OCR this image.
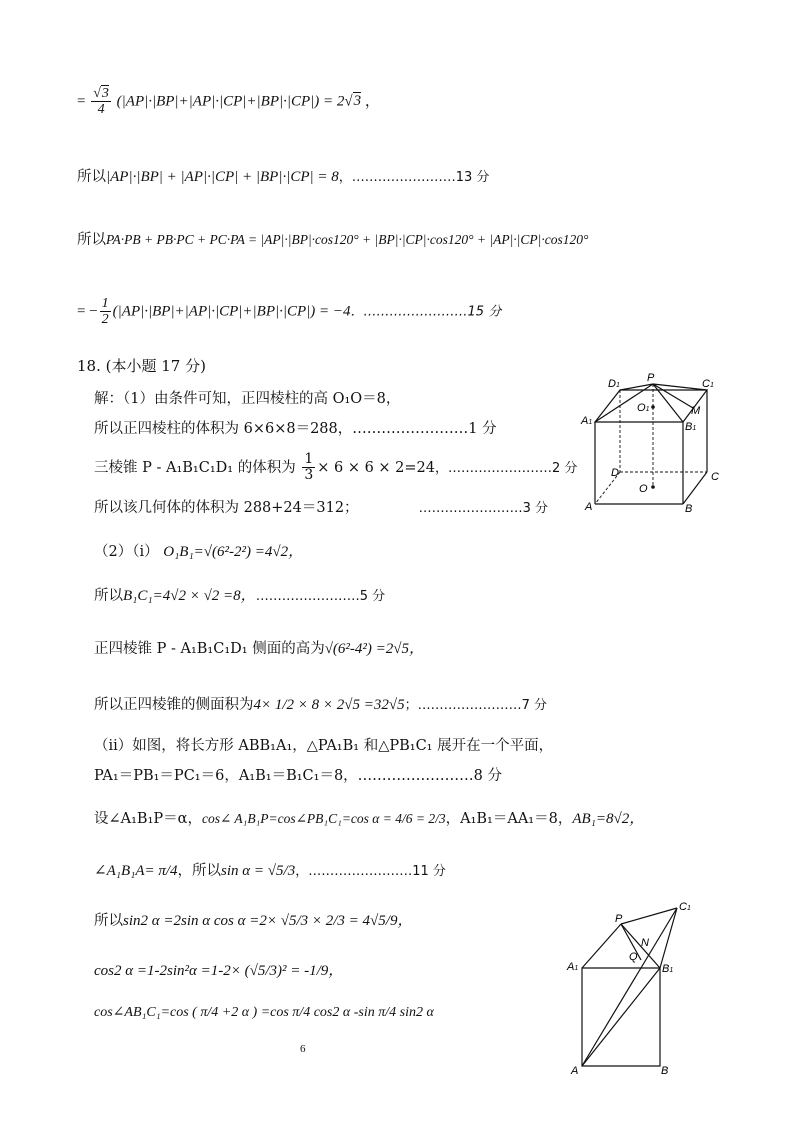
= $\frac{√3}{4} (|AP|\cdot|BP|+|AP|\cdot|CP|+|BP|\cdot|CP|) = 2√3$ ，
所以|AP|·|BP| + |AP|·|CP| + |BP|·|CP| = 8，……………………13 分
所以PA·PB + PB·PC + PC·PA = |AP|·|BP|·cos120° + |BP|·|CP|·cos120° + |AP|·|CP|·cos120°
= − $\frac{1}{2} (|AP|\cdot|BP|+|AP|\cdot|CP|+|BP|\cdot|CP|) = -4$．……………………15 分
18. (本小题 17 分)
解：（1）由条件可知，正四棱柱的高 O₁O＝8，
所以正四棱柱的体积为 6×6×8＝288，……………………1 分
三棱锥 P - A₁B₁C₁D₁ 的体积为 $\frac{1}{3} \times 6 \times 6 \times 2=24$，……………………2 分
所以该几何体的体积为 288+24＝312；	……………………3 分
（2）（i） O₁B₁=√(6²-2²) =4√2，
所以B₁C₁=4√2 × √2 =8，……………………5 分
正四棱锥 P - A₁B₁C₁D₁ 侧面的高为√(6²-4²) =2√5，
所以正四棱锥的侧面积为4× 1/2 × 8 × 2√5 =32√5；……………………7 分
（ii）如图，将长方形 ABB₁A₁，△PA₁B₁ 和△PB₁C₁ 展开在一个平面，
PA₁＝PB₁＝PC₁＝6，A₁B₁＝B₁C₁＝8，……………………8 分
设∠A₁B₁P＝α，cos∠ A₁B₁P=cos∠PB₁C₁=cos α = 4/6 = 2/3，A₁B₁＝AA₁＝8，AB₁=8√2，
∠A₁B₁A= π/4，所以sin α = √5/3，……………………11 分
所以sin2 α =2sin α cos α =2× √5/3 × 2/3 = 4√5/9，
cos2 α =1-2sin²α =1-2× (√5/3)² = -1/9，
cos∠AB₁C₁=cos ( π/4 +2 α ) =cos π/4 cos2 α -sin π/4 sin2 α
6
D1
P	C1
O1	M
A1	B1
D	C
O
A	B
P
C1
N
A1
Q
B1
A	B
